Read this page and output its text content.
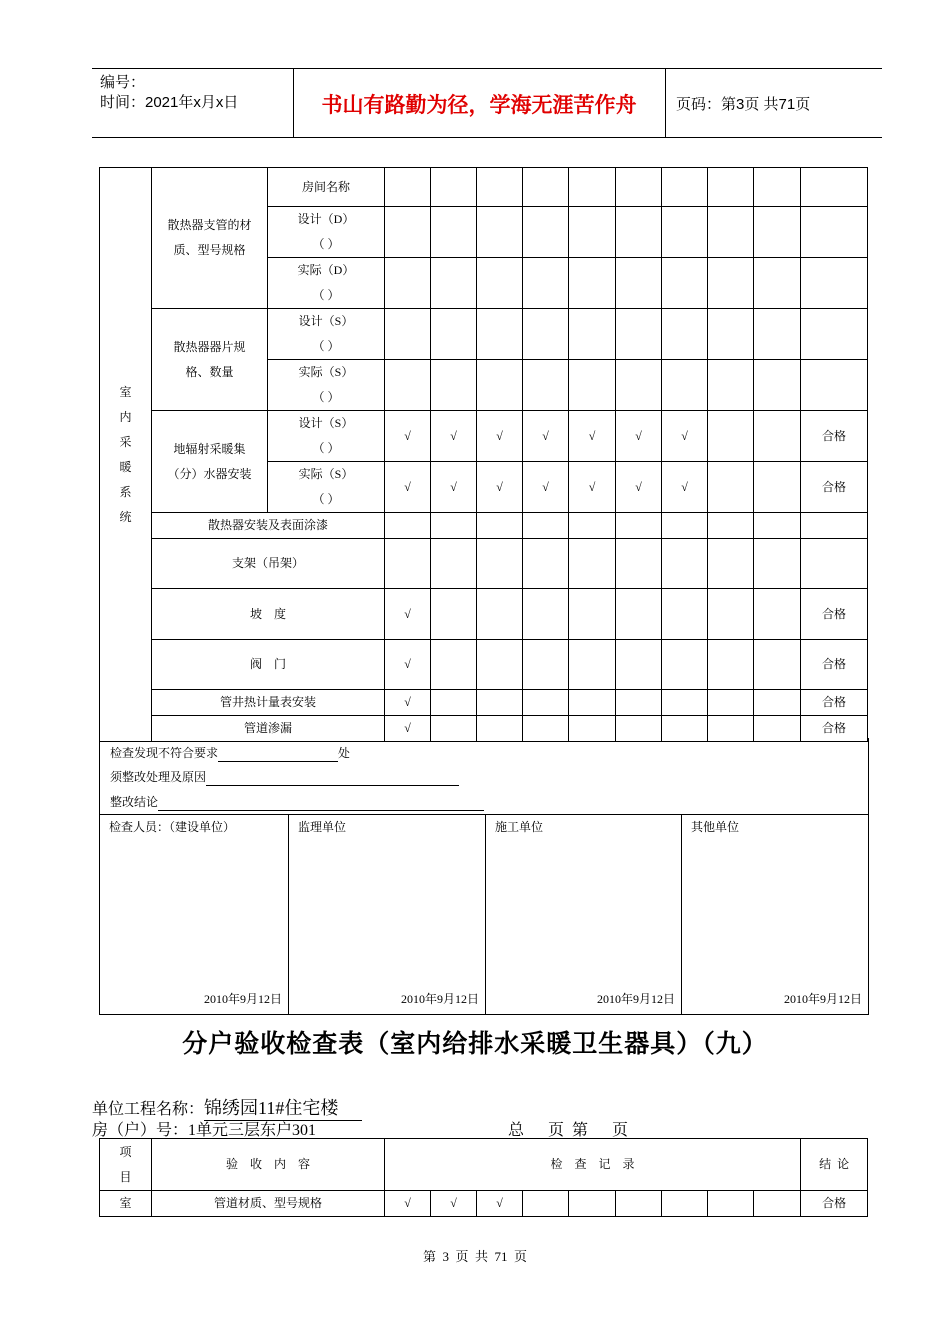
编号：
时间：2021年x月x日	书山有路勤为径，学海无涯苦作舟	页码：第3页 共71页
室内采暖系统	散热器支管的材质、型号规格	房间名称										

		设计（D）
（ ）										

		实际（D）
（ ）										

	散热器器片规格、数量	设计（S）
（ ）										

		实际（S）
（ ）										

	地辐射采暖集（分）水器安装	设计（S）
（ ）	√	√	√	√	√	√	√			合格

		实际（S）
（ ）	√	√	√	√	√	√	√			合格
	散热器安装及表面涂漆											
	支架（吊架）											
	坡    度		√									合格
	阀    门		√									合格
	管井热计量表安装		√									合格
	管道渗漏		√									合格
检查发现不符合要求	处
须整改处理及原因
整改结论
检查人员：（建设单位）
2010年9月12日

监理单位
2010年9月12日

施工单位
2010年9月12日

其他单位
2010年9月12日
分户验收检查表（室内给排水采暖卫生器具）（九）
单位工程名称：锦绣园11#住宅楼
房（户）号：1单元三层东户301	总      页  第      页
项目	验    收    内    容	检    查    记    录									结  论
室	管道材质、型号规格	√	√	√							合格
第  3  页  共  71  页
